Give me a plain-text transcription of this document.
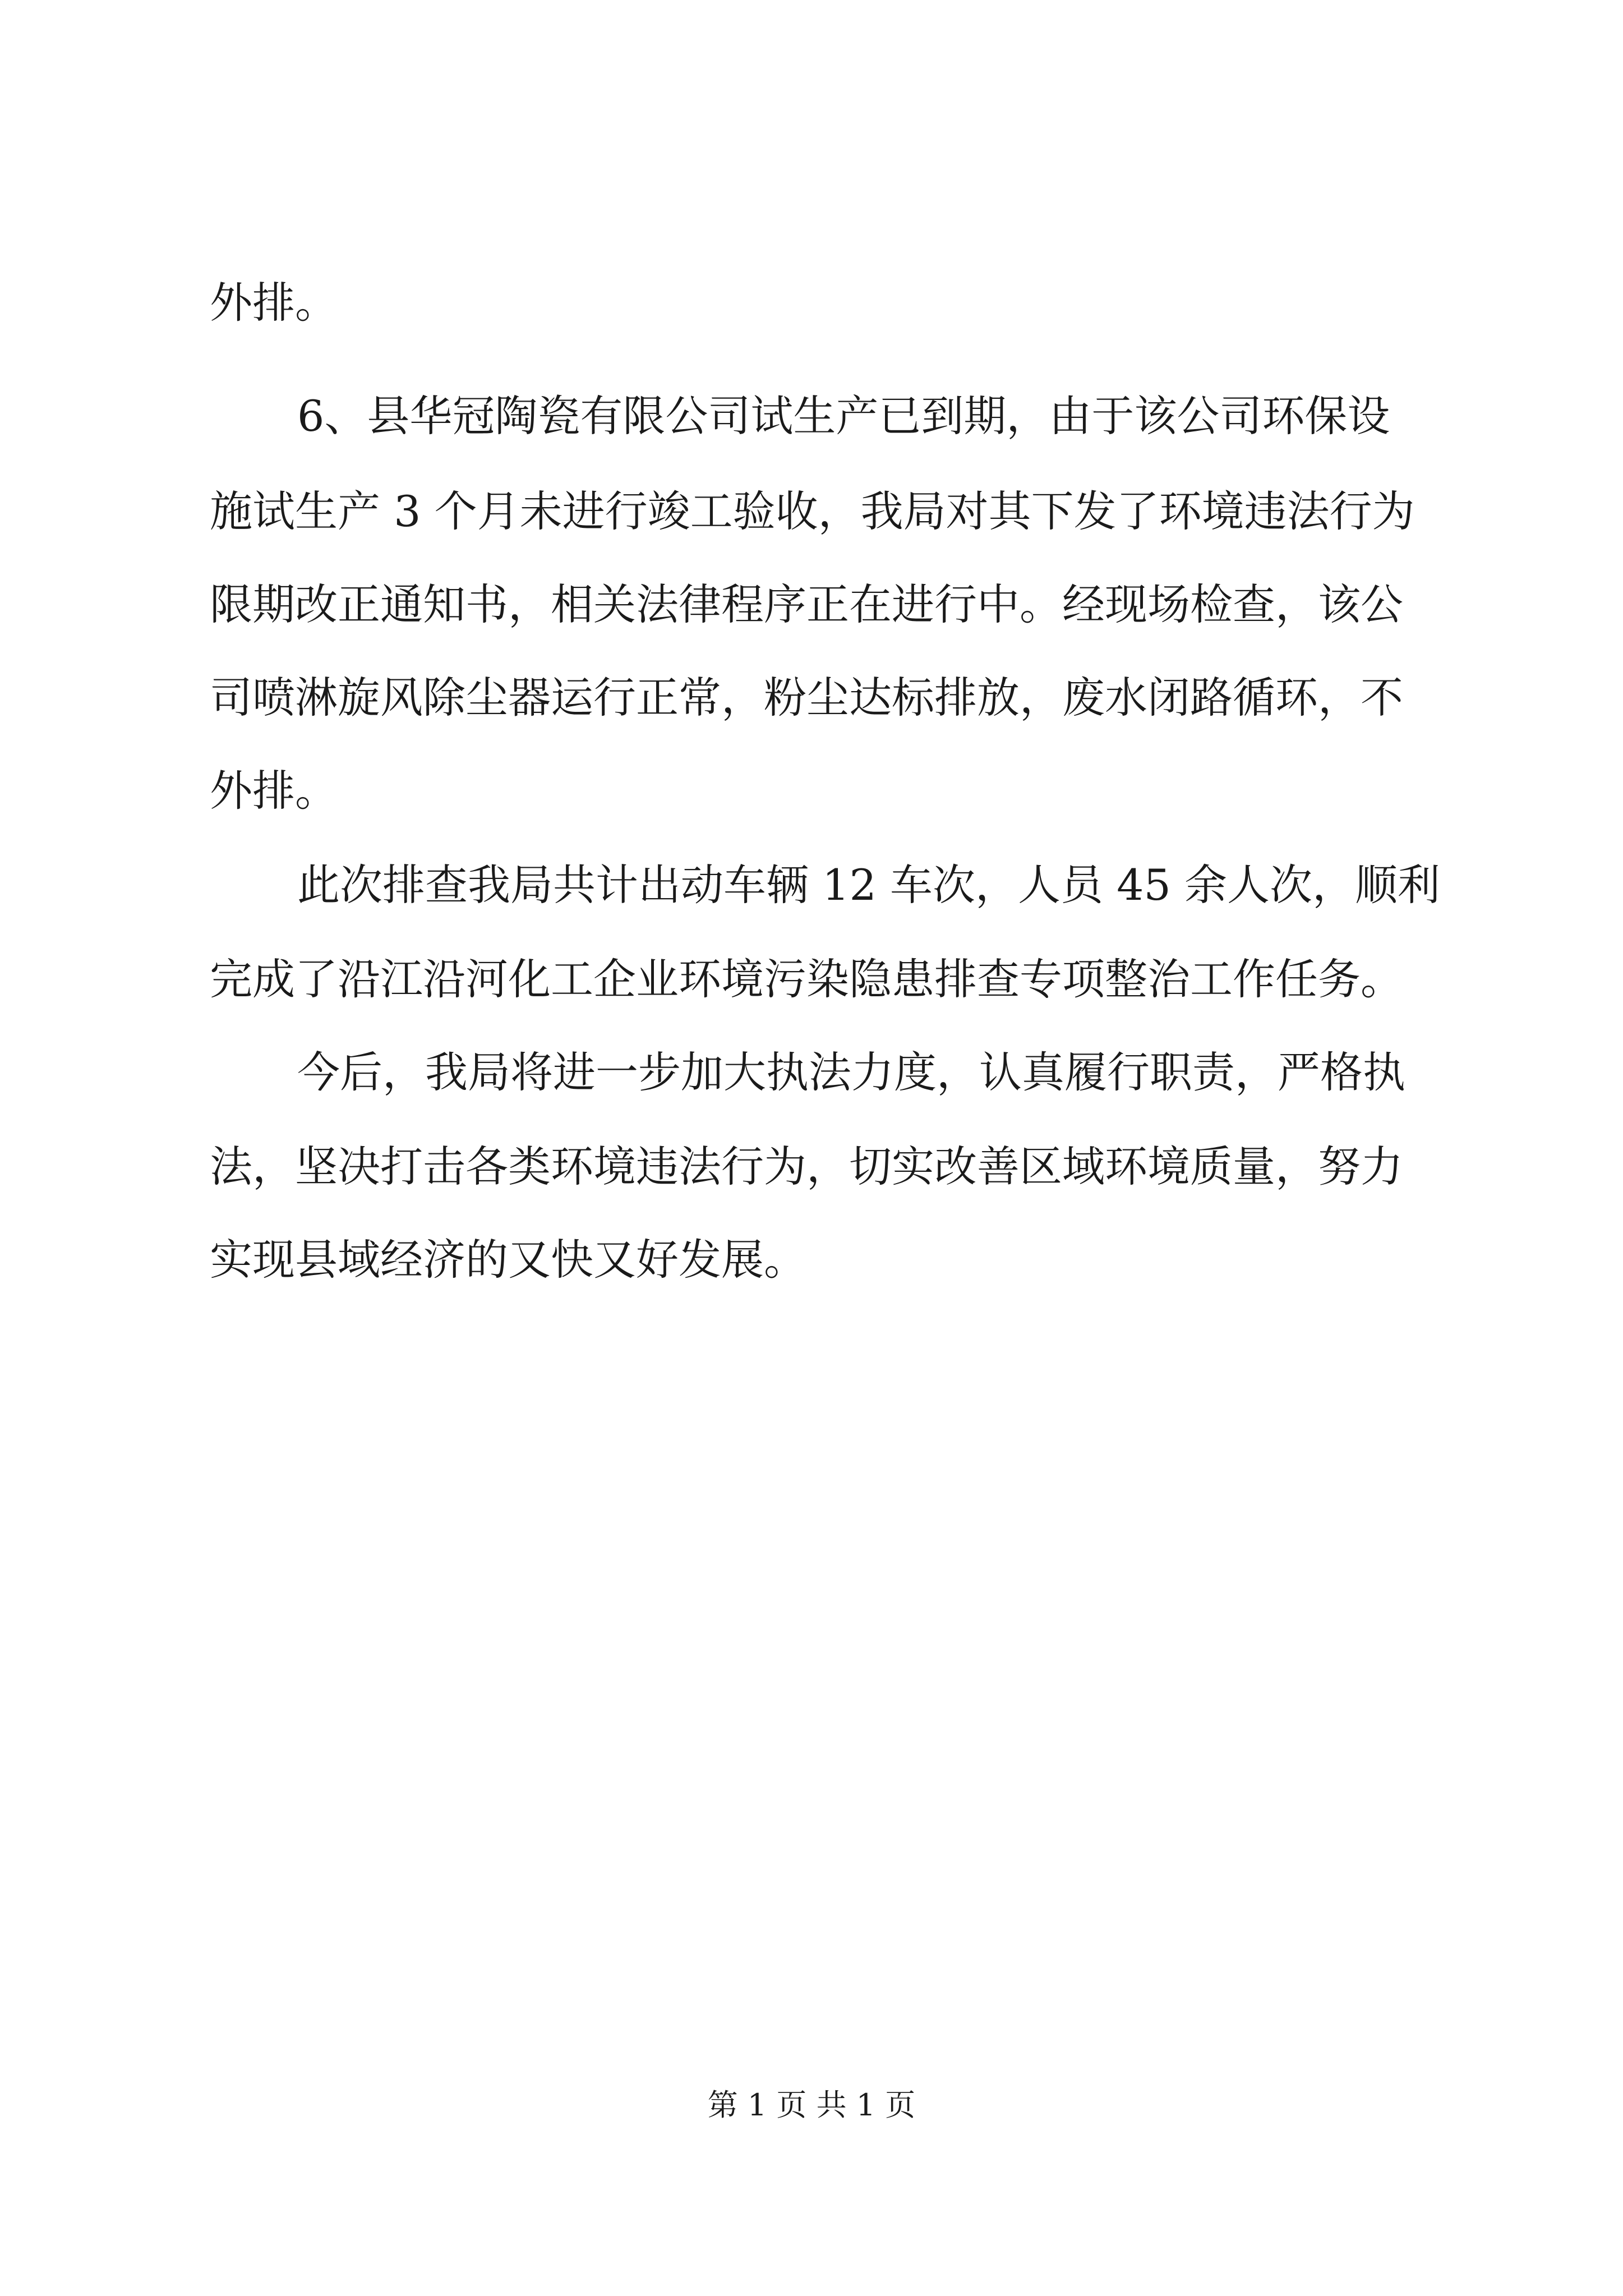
外排。
6、县华冠陶瓷有限公司试生产已到期，由于该公司环保设
施试生产 3 个月未进行竣工验收，我局对其下发了环境违法行为
限期改正通知书，相关法律程序正在进行中。经现场检查，该公
司喷淋旋风除尘器运行正常，粉尘达标排放，废水闭路循环，不
外排。
此次排查我局共计出动车辆 12 车次，人员 45 余人次，顺利
完成了沿江沿河化工企业环境污染隐患排查专项整治工作任务。
今后，我局将进一步加大执法力度，认真履行职责，严格执
法，坚决打击各类环境违法行为，切实改善区域环境质量，努力
实现县域经济的又快又好发展。
第 1 页 共 1 页
